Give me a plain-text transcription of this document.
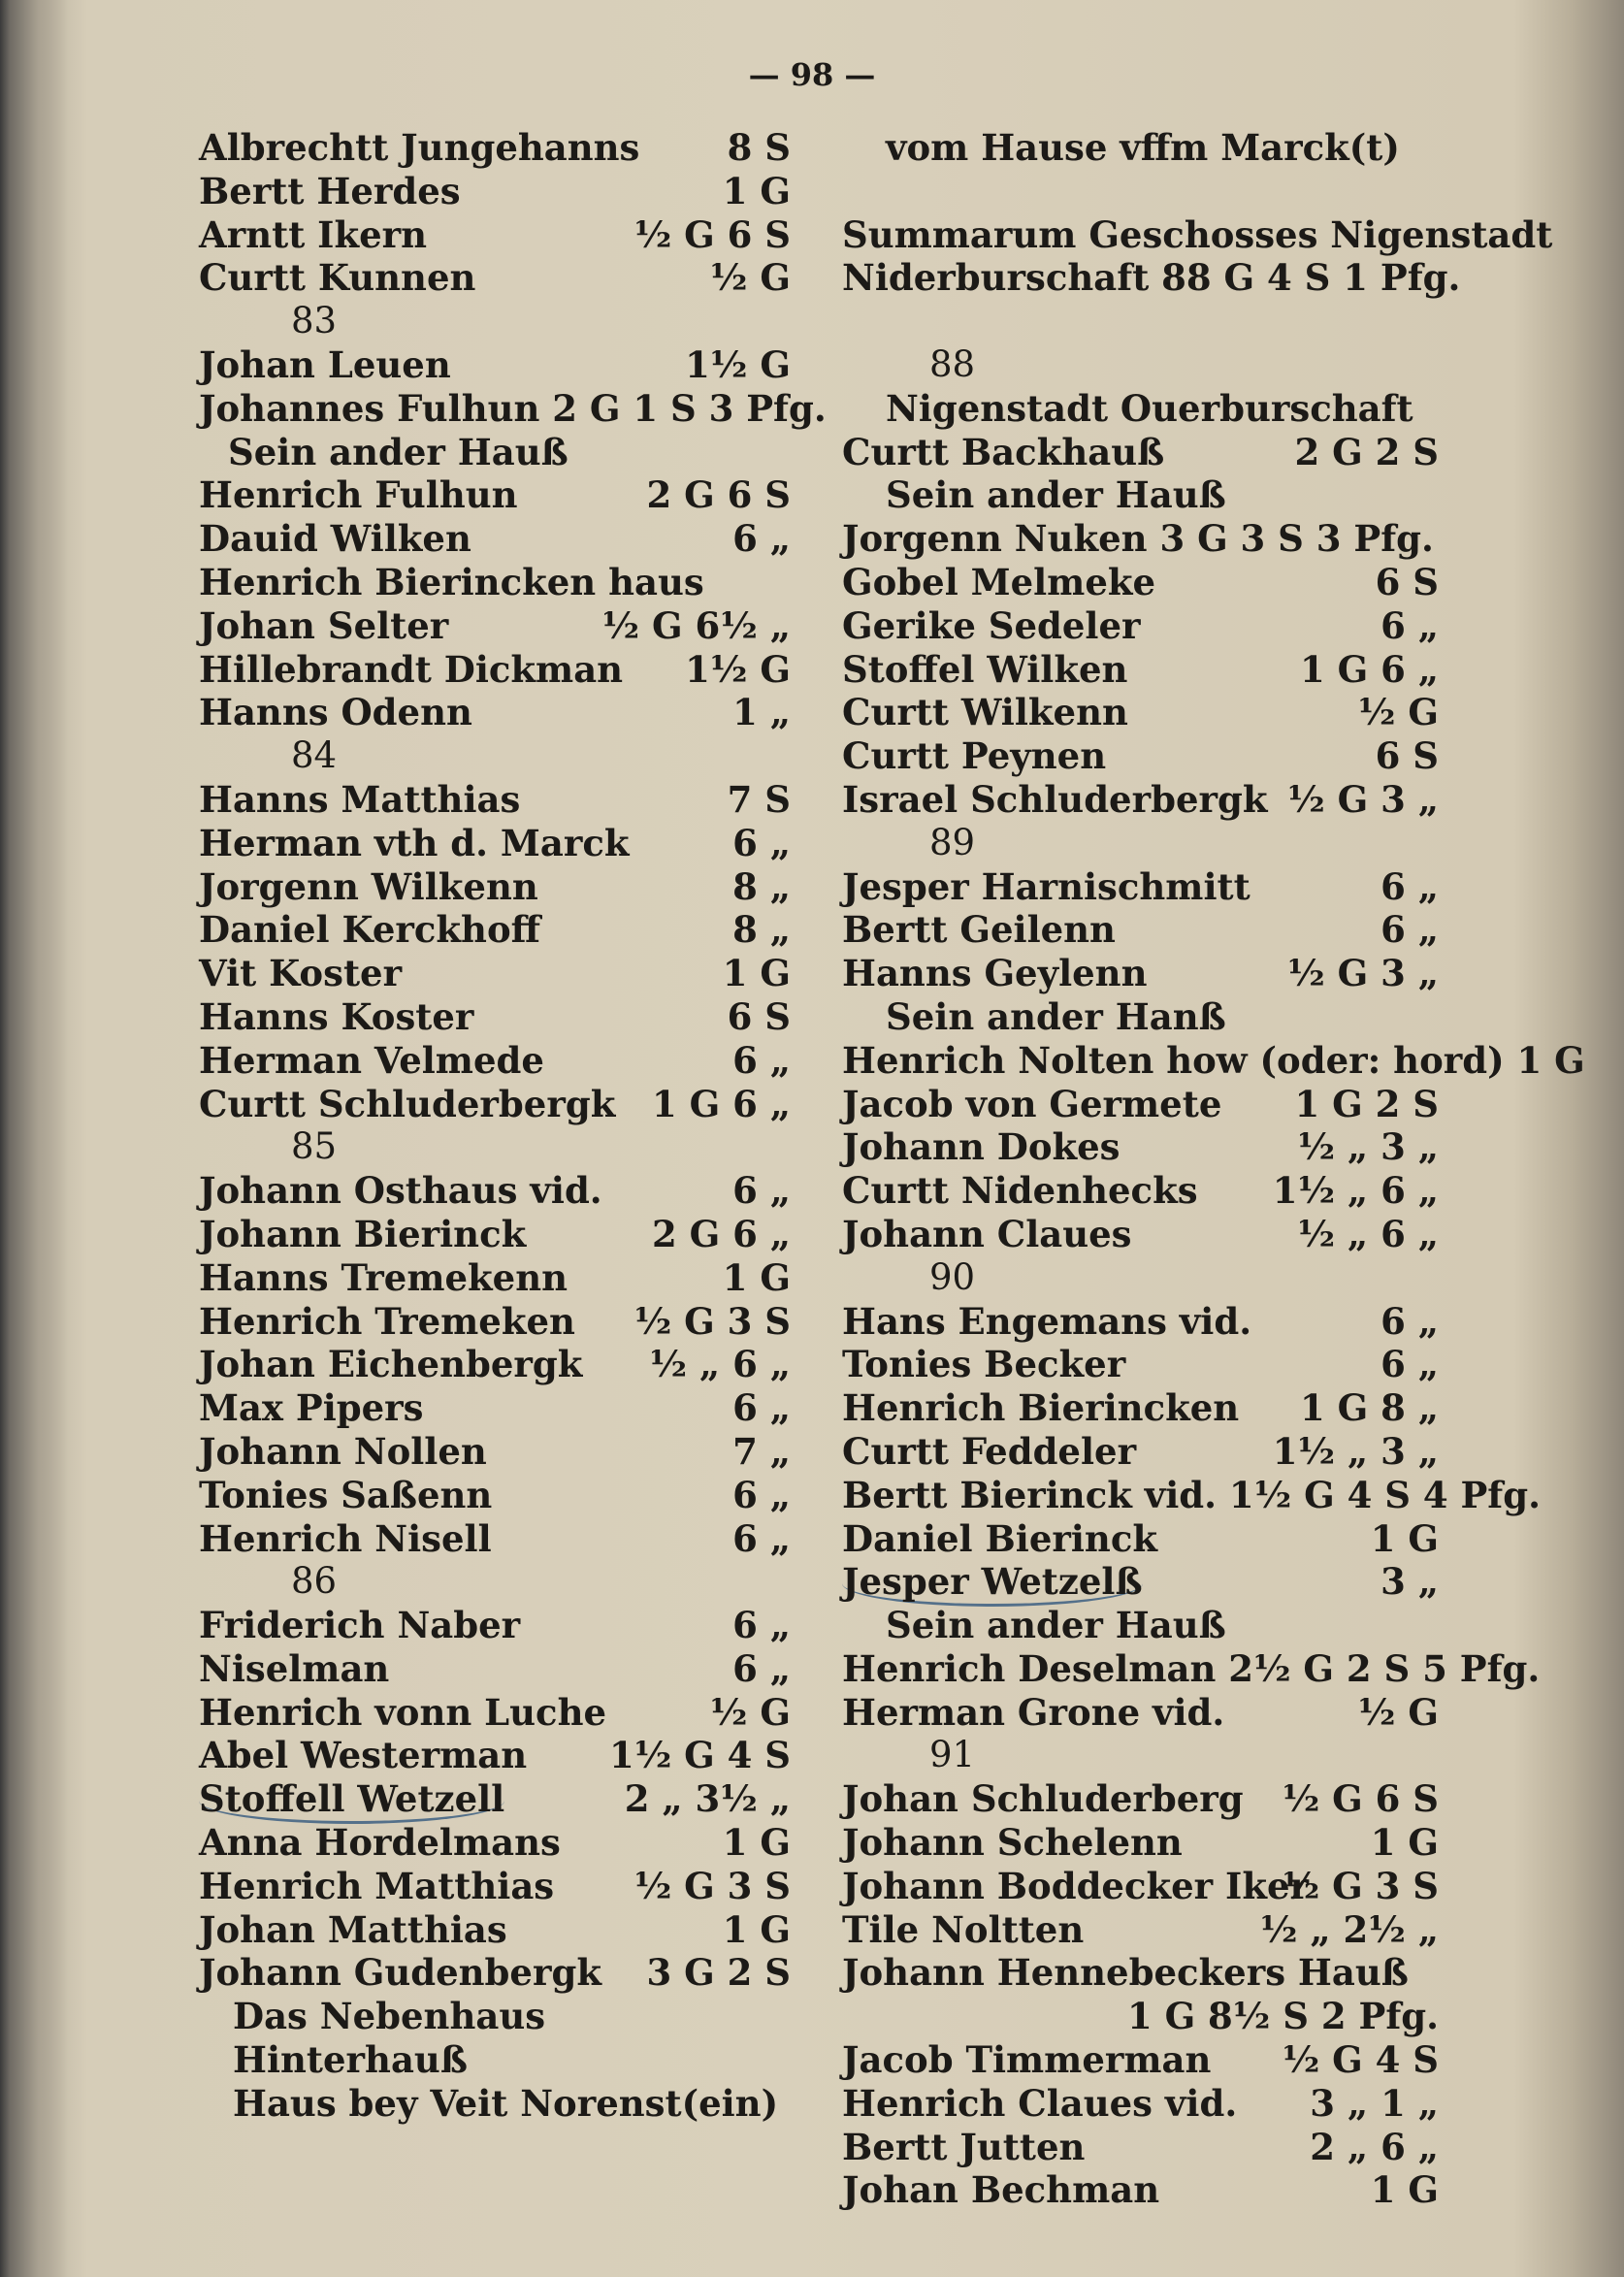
— 98 —
Albrechtt Jungehanns 8 S
Bertt Herdes	1 G
Arntt Ikern	½ G 6 S
Curtt Kunnen	½ G
83
Johan Leuen	1½ G
Johannes Fulhun 2 G 1 S 3 Pfg.
Sein ander Hauß
Henrich Fulhun	2 G 6 S
Dauid Wilken	6 „
Henrich Bierincken haus
Johan Selter	½ G 6½ „
Hillebrandt Dickman 1½ G
Hanns Odenn	1 „
84
Hanns Matthias	7 S
Herman vth d. Marck	6 „
Jorgenn Wilkenn	8 „
Daniel Kerckhoff	8 „
Vit Koster	1 G
Hanns Koster	6 S
Herman Velmede	6 „
Curtt Schluderbergk 1 G 6 „
85
Johann Osthaus vid.	6 „
Johann Bierinck	2 G 6 „
Hanns Tremekenn	1 G
Henrich Tremeken ½ G 3 S
Johan Eichenbergk ½ „ 6 „
Max Pipers	6 „
Johann Nollen	7 „
Tonies Saßenn	6 „
Henrich Nisell	6 „
86
Friderich Naber	6 „
Niselman	6 „
Henrich vonn Luche	½ G
Abel Westerman 1½ G 4 S
Stoffell Wetzell	2 „ 3½ „
Anna Hordelmans	1 G
Henrich Matthias ½ G 3 S
Johan Matthias	1 G
Johann Gudenbergk 3 G 2 S
Das Nebenhaus
Hinterhauß
Haus bey Veit Norenst(ein)
vom Hause vffm Marck(t)
Summarum Geschosses Nigenstadt
Niderburschaft 88 G 4 S 1 Pfg.
88
Nigenstadt Ouerburschaft
Curtt Backhauß	2 G 2 S
Sein ander Hauß
Jorgenn Nuken 3 G 3 S 3 Pfg.
Gobel Melmeke	6 S
Gerike Sedeler	6 „
Stoffel Wilken	1 G 6 „
Curtt Wilkenn	½ G
Curtt Peynen	6 S
Israel Schluderbergk ½ G 3 „
89
Jesper Harnischmitt	6 „
Bertt Geilenn	6 „
Hanns Geylenn	½ G 3 „
Sein ander Hanß
Henrich Nolten how (oder: hord) 1 G
Jacob von Germete 1 G 2 S
Johann Dokes	½ „ 3 „
Curtt Nidenhecks 1½ „ 6 „
Johann Claues	½ „ 6 „
90
Hans Engemans vid.	6 „
Tonies Becker	6 „
Henrich Bierincken 1 G 8 „
Curtt Feddeler	1½ „ 3 „
Bertt Bierinck vid. 1½ G 4 S 4 Pfg.
Daniel Bierinck	1 G
Jesper Wetzelß	3 „
Sein ander Hauß
Henrich Deselman 2½ G 2 S 5 Pfg.
Herman Grone vid.	½ G
91
Johan Schluderberg ½ G 6 S
Johann Schelenn	1 G
Johann Boddecker Iker
½ G 3 S
Tile Noltten	½ „ 2½ „
Johann Hennebeckers Hauß
1 G 8½ S 2 Pfg.
Jacob Timmerman ½ G 4 S
Henrich Claues vid. 3 „ 1 „
Bertt Jutten	2 „ 6 „
Johan Bechman	1 G
